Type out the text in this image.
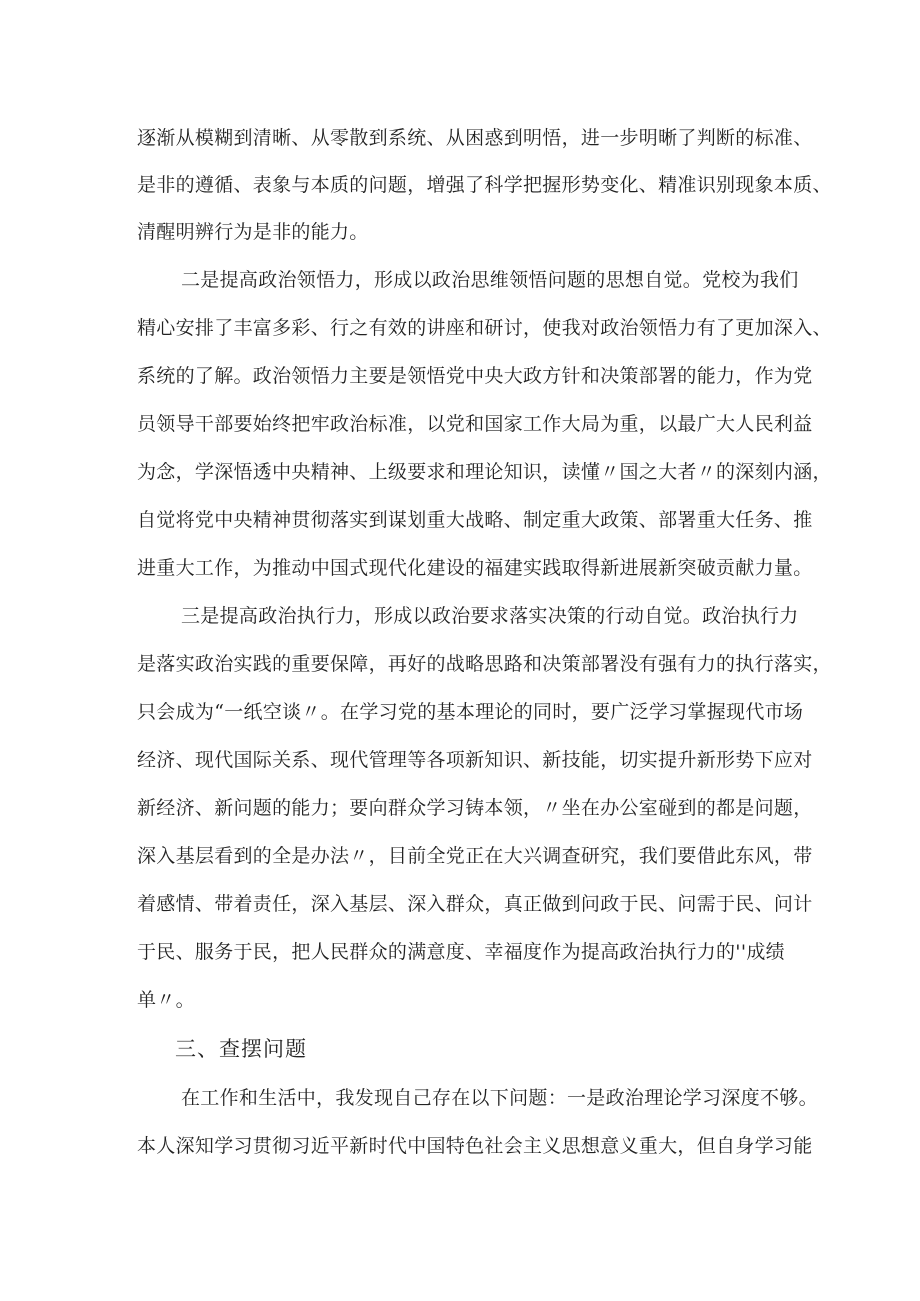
逐渐从模糊到清晰、从零散到系统、从困惑到明悟，进一步明晰了判断的标准、
是非的遵循、表象与本质的问题，增强了科学把握形势变化、精准识别现象本质、
清醒明辨行为是非的能力。
二是提高政治领悟力，形成以政治思维领悟问题的思想自觉。党校为我们
精心安排了丰富多彩、行之有效的讲座和研讨，使我对政治领悟力有了更加深入、
系统的了解。政治领悟力主要是领悟党中央大政方针和决策部署的能力，作为党
员领导干部要始终把牢政治标准，以党和国家工作大局为重，以最广大人民利益
为念，学深悟透中央精神、上级要求和理论知识，读懂〃国之大者〃的深刻内涵，
自觉将党中央精神贯彻落实到谋划重大战略、制定重大政策、部署重大任务、推
进重大工作，为推动中国式现代化建设的福建实践取得新进展新突破贡献力量。
三是提高政治执行力，形成以政治要求落实决策的行动自觉。政治执行力
是落实政治实践的重要保障，再好的战略思路和决策部署没有强有力的执行落实，
只会成为“一纸空谈〃。在学习党的基本理论的同时，要广泛学习掌握现代市场
经济、现代国际关系、现代管理等各项新知识、新技能，切实提升新形势下应对
新经济、新问题的能力；要向群众学习铸本领，〃坐在办公室碰到的都是问题，
深入基层看到的全是办法〃，目前全党正在大兴调查研究，我们要借此东风，带
着感情、带着责任，深入基层、深入群众，真正做到问政于民、问需于民、问计
于民、服务于民，把人民群众的满意度、幸福度作为提高政治执行力的''成绩
单〃。
三、查摆问题
在工作和生活中，我发现自己存在以下问题：一是政治理论学习深度不够。
本人深知学习贯彻习近平新时代中国特色社会主义思想意义重大，但自身学习能
